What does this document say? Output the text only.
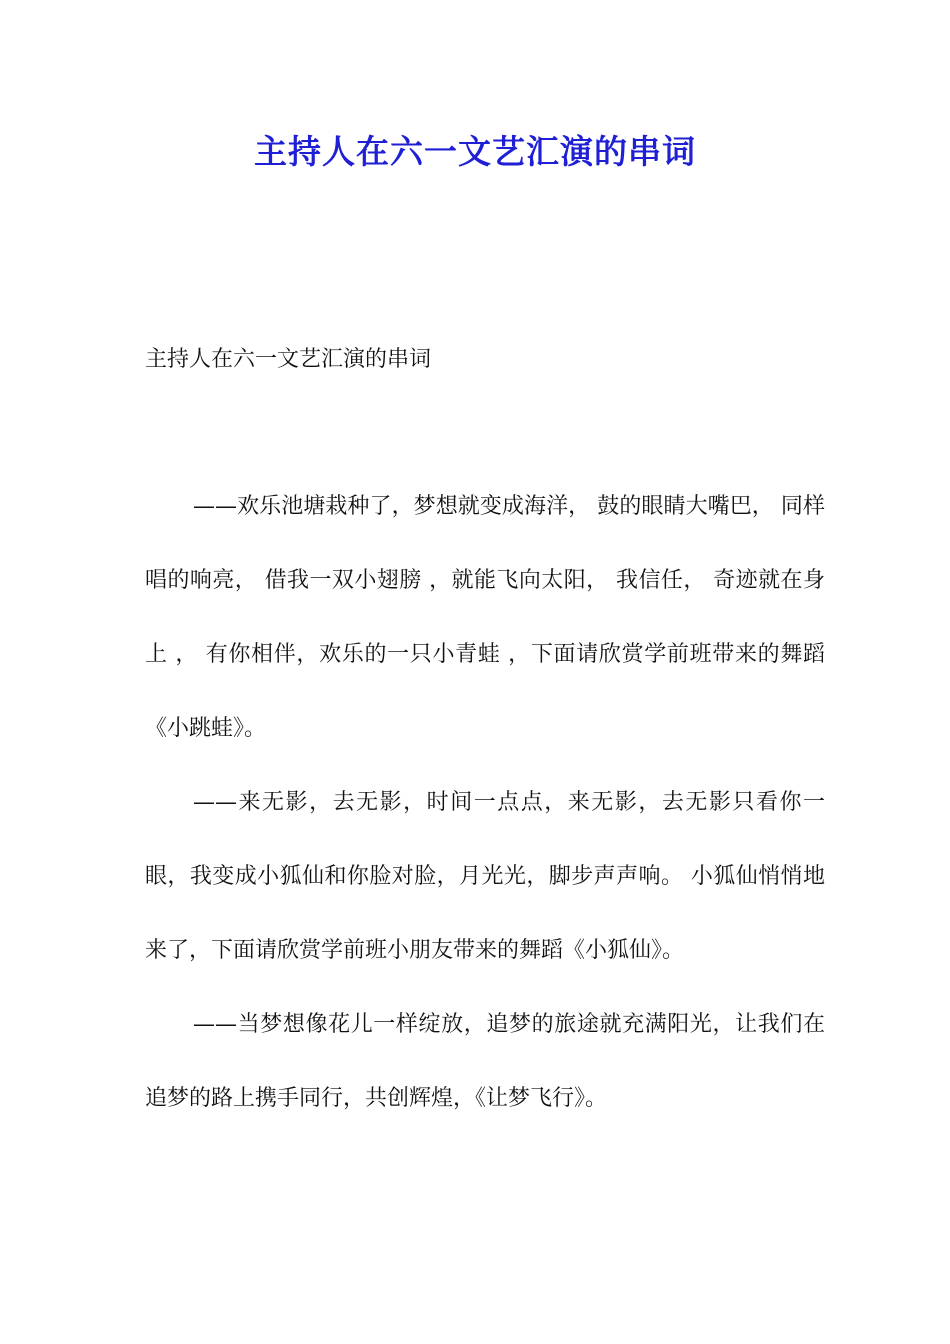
主持人在六一文艺汇演的串词

主持人在六一文艺汇演的串词

——欢乐池塘栽种了，梦想就变成海洋， 鼓的眼睛大嘴巴， 同样唱的响亮， 借我一双小翅膀 ，就能飞向太阳， 我信任， 奇迹就在身上 ， 有你相伴，欢乐的一只小青蛙 ，下面请欣赏学前班带来的舞蹈《小跳蛙》。

——来无影，去无影，时间一点点，来无影，去无影只看你一眼，我变成小狐仙和你脸对脸，月光光，脚步声声响。 小狐仙悄悄地来了，下面请欣赏学前班小朋友带来的舞蹈《小狐仙》。

——当梦想像花儿一样绽放，追梦的旅途就充满阳光，让我们在追梦的路上携手同行，共创辉煌，《让梦飞行》。
